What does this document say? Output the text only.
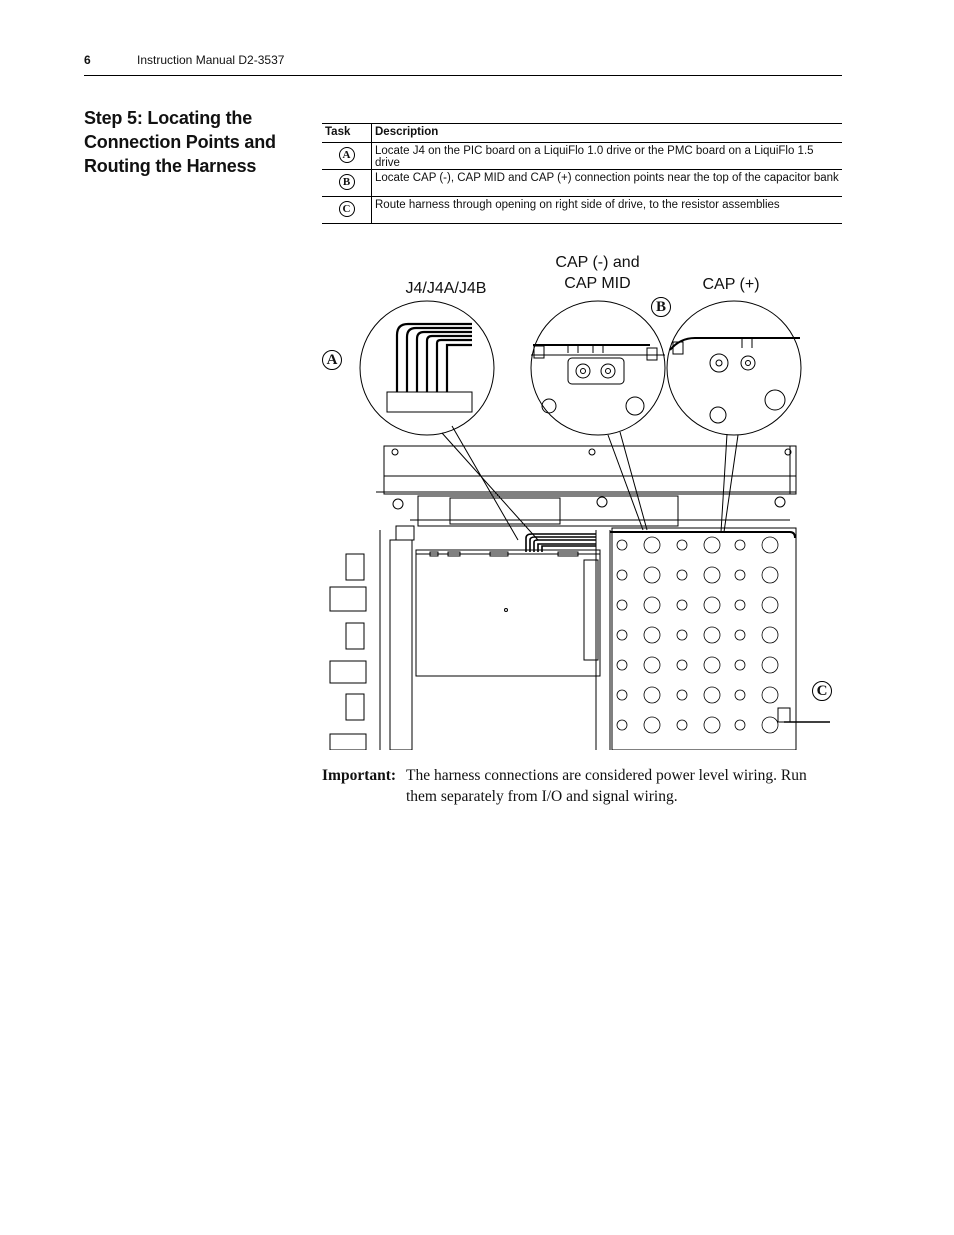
6	Instruction Manual D2-3537
Step 5: Locating the Connection Points and Routing the Harness
Task	Description
A	Locate J4 on the PIC board on a LiquiFlo 1.0 drive or the PMC board on a LiquiFlo 1.5 drive
B	Locate CAP (-), CAP MID and CAP (+) connection points near the top of the capacitor bank
C	Route harness through opening on right side of drive, to the resistor assemblies
J4/J4A/J4B
CAP (-) and
CAP MID	CAP (+)
A
B
C
Important: The harness connections are considered power level wiring. Run them separately from I/O and signal wiring.
